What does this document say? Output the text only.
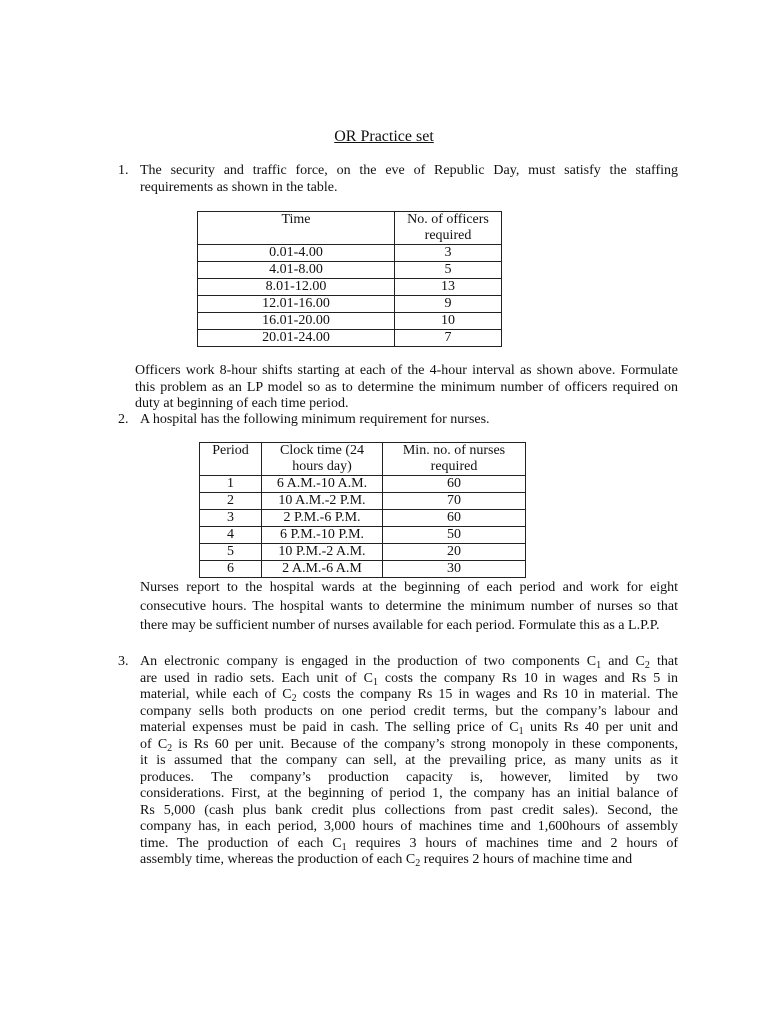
OR Practice set
1. The security and traffic force, on the eve of Republic Day, must satisfy the staffing requirements as shown in the table.
Time	No. of officers required
0.01-4.00	3
4.01-8.00	5
8.01-12.00	13
12.01-16.00	9
16.01-20.00	10
20.01-24.00	7
Officers work 8-hour shifts starting at each of the 4-hour interval as shown above. Formulate this problem as an LP model so as to determine the minimum number of officers required on duty at beginning of each time period.
2. A hospital has the following minimum requirement for nurses.
Period	Clock time (24 hours day)	Min. no. of nurses required
1	6 A.M.-10 A.M.	60
2	10 A.M.-2 P.M.	70
3	2 P.M.-6 P.M.	60
4	6 P.M.-10 P.M.	50
5	10 P.M.-2 A.M.	20
6	2 A.M.-6 A.M	30
Nurses report to the hospital wards at the beginning of each period and work for eight consecutive hours. The hospital wants to determine the minimum number of nurses so that there may be sufficient number of nurses available for each period. Formulate this as a L.P.P.
3. An electronic company is engaged in the production of two components $C_1$ and $C_2$ that
are used in radio sets. Each unit of $C_1$ costs the company Rs 10 in wages and Rs 5 in
material, while each of $C_2$ costs the company Rs 15 in wages and Rs 10 in material. The
company sells both products on one period credit terms, but the company’s labour and
material expenses must be paid in cash. The selling price of $C_1$ units Rs 40 per unit and
of $C_2$ is Rs 60 per unit. Because of the company’s strong monopoly in these components,
it is assumed that the company can sell, at the prevailing price, as many units as it
produces. The company’s production capacity is, however, limited by two
considerations. First, at the beginning of period 1, the company has an initial balance of
Rs 5,000 (cash plus bank credit plus collections from past credit sales). Second, the
company has, in each period, 3,000 hours of machines time and 1,600hours of assembly
time. The production of each $C_1$ requires 3 hours of machines time and 2 hours of
assembly time, whereas the production of each $C_2$ requires 2 hours of machine time and
